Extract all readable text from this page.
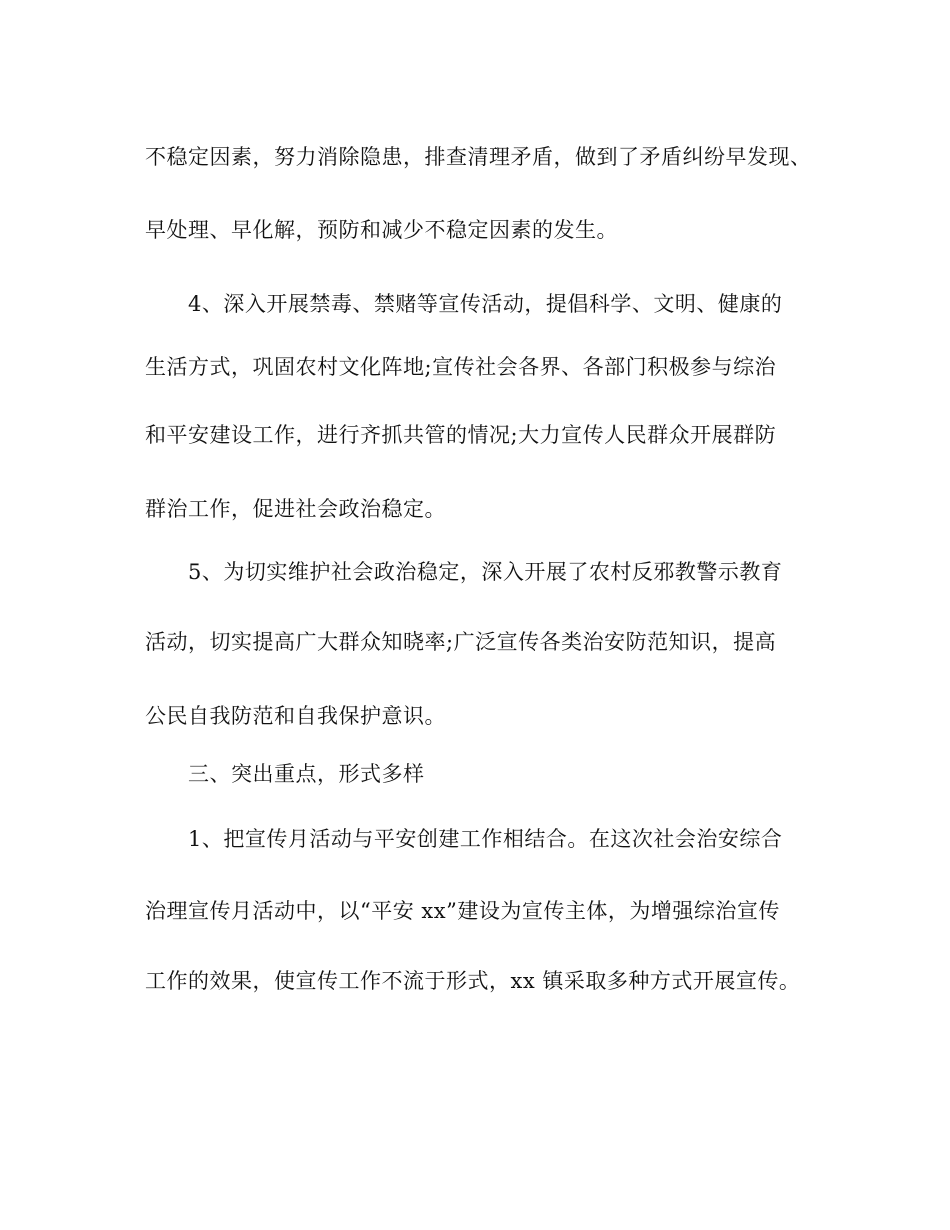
不稳定因素，努力消除隐患，排查清理矛盾，做到了矛盾纠纷早发现、
早处理、早化解，预防和减少不稳定因素的发生。
4、深入开展禁毒、禁赌等宣传活动，提倡科学、文明、健康的
生活方式，巩固农村文化阵地;宣传社会各界、各部门积极参与综治
和平安建设工作，进行齐抓共管的情况;大力宣传人民群众开展群防
群治工作，促进社会政治稳定。
5、为切实维护社会政治稳定，深入开展了农村反邪教警示教育
活动，切实提高广大群众知晓率;广泛宣传各类治安防范知识，提高
公民自我防范和自我保护意识。
三、突出重点，形式多样
1、把宣传月活动与平安创建工作相结合。在这次社会治安综合
治理宣传月活动中，以“平安 xx”建设为宣传主体，为增强综治宣传
工作的效果，使宣传工作不流于形式，xx 镇采取多种方式开展宣传。
